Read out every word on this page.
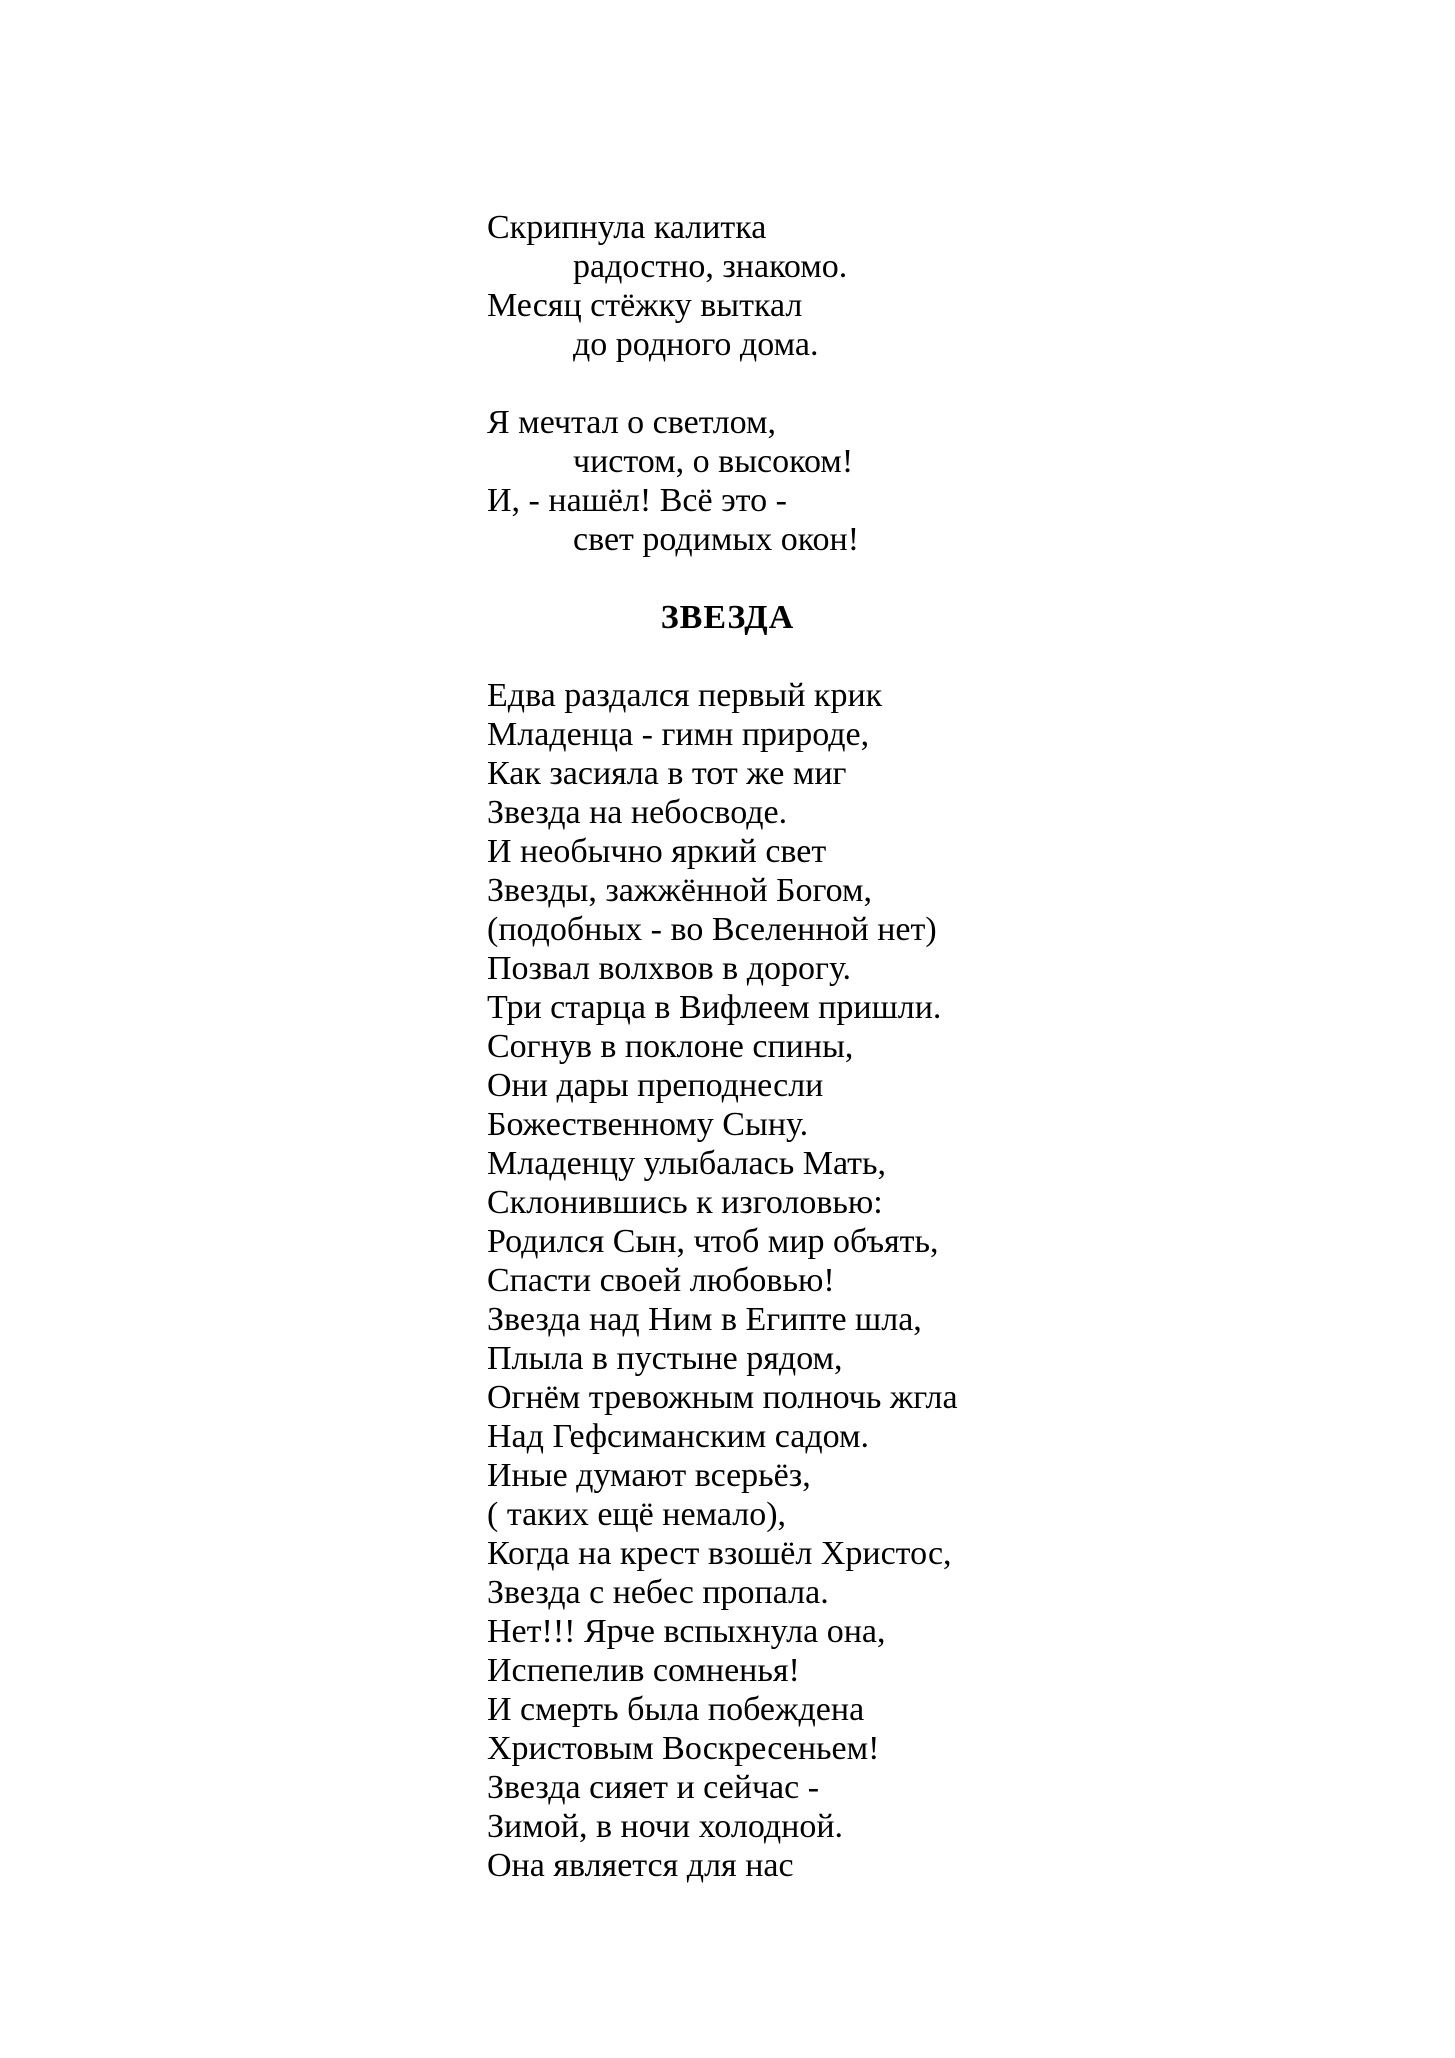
Скрипнула калитка
радостно, знакомо.
Месяц стёжку выткал
до родного дома.
Я мечтал о светлом,
чистом, о высоком!
И, - нашёл! Всё это -
свет родимых окон!
ЗВЕЗДА
Едва раздался первый крик
Младенца - гимн природе,
Как засияла в тот же миг
Звезда на небосводе.
И необычно яркий свет
Звезды, зажжённой Богом,
(подобных - во Вселенной нет)
Позвал волхвов в дорогу.
Три старца в Вифлеем пришли.
Согнув в поклоне спины,
Они дары преподнесли
Божественному Сыну.
Младенцу улыбалась Мать,
Склонившись к изголовью:
Родился Сын, чтоб мир объять,
Спасти своей любовью!
Звезда над Ним в Египте шла,
Плыла в пустыне рядом,
Огнём тревожным полночь жгла
Над Гефсиманским садом.
Иные думают всерьёз,
( таких ещё немало),
Когда на крест взошёл Христос,
Звезда с небес пропала.
Нет!!! Ярче вспыхнула она,
Испепелив сомненья!
И смерть была побеждена
Христовым Воскресеньем!
Звезда сияет и сейчас -
Зимой, в ночи холодной.
Она является для нас
